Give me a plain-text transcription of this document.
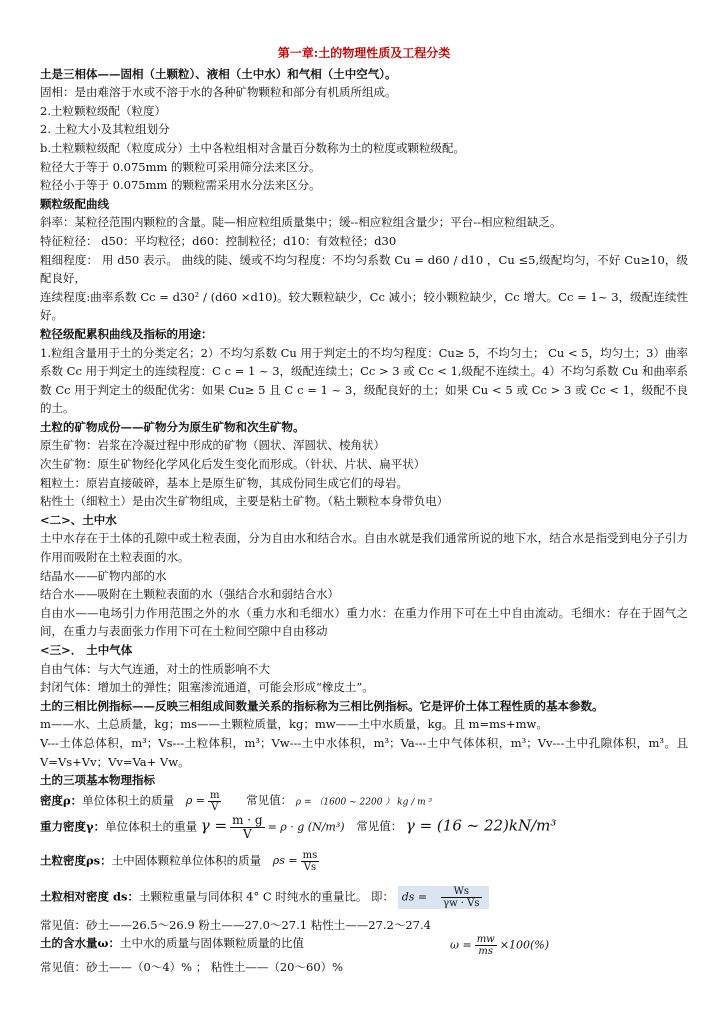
第一章:土的物理性质及工程分类
土是三相体——固相（土颗粒）、液相（土中水）和气相（土中空气）。
固相：是由难溶于水或不溶于水的各种矿物颗粒和部分有机质所组成。
2.土粒颗粒级配（粒度）
2. 土粒大小及其粒组划分
b.土粒颗粒级配（粒度成分）土中各粒组相对含量百分数称为土的粒度或颗粒级配。
粒径大于等于 0.075mm 的颗粒可采用筛分法来区分。
粒径小于等于 0.075mm 的颗粒需采用水分法来区分。
颗粒级配曲线
斜率：某粒径范围内颗粒的含量。陡—相应粒组质量集中；缓--相应粒组含量少；平台--相应粒组缺乏。
特征粒径： d50：平均粒径；d60：控制粒径；d10：有效粒径；d30
粗细程度： 用 d50 表示。 曲线的陡、缓或不均匀程度：不均匀系数 Cu = d60 / d10 ，Cu ≤5,级配均匀，不好 Cu≥10，级配良好，
连续程度:曲率系数 Cc = d30² / (d60 ×d10)。较大颗粒缺少，Cc 减小；较小颗粒缺少，Cc 增大。Cc = 1~ 3，级配连续性好。
粒径级配累积曲线及指标的用途：
1.粒组含量用于土的分类定名；2）不均匀系数 Cu 用于判定土的不均匀程度：Cu≥ 5，不均匀土； Cu < 5，均匀土；3）曲率系数 Cc 用于判定土的连续程度：C c = 1 ~ 3，级配连续土；Cc > 3 或 Cc < 1,级配不连续土。4）不均匀系数 Cu 和曲率系数 Cc 用于判定土的级配优劣：如果 Cu≥ 5 且 C c = 1 ~ 3，级配良好的土；如果 Cu < 5 或 Cc > 3 或 Cc < 1，级配不良的土。
土粒的矿物成份——矿物分为原生矿物和次生矿物。
原生矿物：岩浆在冷凝过程中形成的矿物（圆状、浑圆状、棱角状）
次生矿物：原生矿物经化学风化后发生变化而形成。（针状、片状、扁平状）
粗粒土：原岩直接破碎，基本上是原生矿物，其成份同生成它们的母岩。
粘性土（细粒土）是由次生矿物组成，主要是粘土矿物。（粘土颗粒本身带负电）
<二>、土中水
土中水存在于土体的孔隙中或土粒表面，分为自由水和结合水。自由水就是我们通常所说的地下水，结合水是指受到电分子引力作用而吸附在土粒表面的水。
结晶水——矿物内部的水
结合水——吸附在土颗粒表面的水（强结合水和弱结合水）
自由水——电场引力作用范围之外的水（重力水和毛细水）重力水：在重力作用下可在土中自由流动。毛细水：存在于固气之间，在重力与表面张力作用下可在土粒间空隙中自由移动
<三>． 土中气体
自由气体：与大气连通，对土的性质影响不大
封闭气体：增加土的弹性；阻塞渗流通道，可能会形成“橡皮土”。
土的三相比例指标——反映三相组成间数量关系的指标称为三相比例指标。它是评价土体工程性质的基本参数。
m——水、土总质量，kg；ms——土颗粒质量，kg；mw——土中水质量，kg。且 m=ms+mw。
V---土体总体积，m³；Vs---土粒体积，m³；Vw---土中水体积，m³；Va---土中气体体积，m³；Vv---土中孔隙体积，m³。且 V=Vs+Vv；Vv=Va+ Vw。
土的三项基本物理指标
密度ρ：单位体积土的质量 $\rho = \frac{m}{V}$ 常见值： ρ = （1600 ~ 2200 ） kg ∕ m ³
重力密度γ：单位体积土的重量 $\gamma = \frac{m \cdot g}{V} = \rho \cdot g$ (N/m³) 常见值： γ = (16 ~ 22)kN∕m³
土粒密度ρs：土中固体颗粒单位体积的质量 $\rho s = \frac{ms}{Vs}$
土粒相对密度 ds：土颗粒重量与同体积 4° C 时纯水的重量比。 即： ds = $\frac{Ws}{\gamma w \cdot Vs}$
常见值：砂土——26.5～26.9 粉土——27.0～27.1 粘性土——27.2～27.4
土的含水量ω：土中水的质量与固体颗粒质量的比值	$\omega = \frac{mw}{ms} \times 100(\%)$
常见值：砂土——（0～4）% ； 粘性土——（20～60）%
